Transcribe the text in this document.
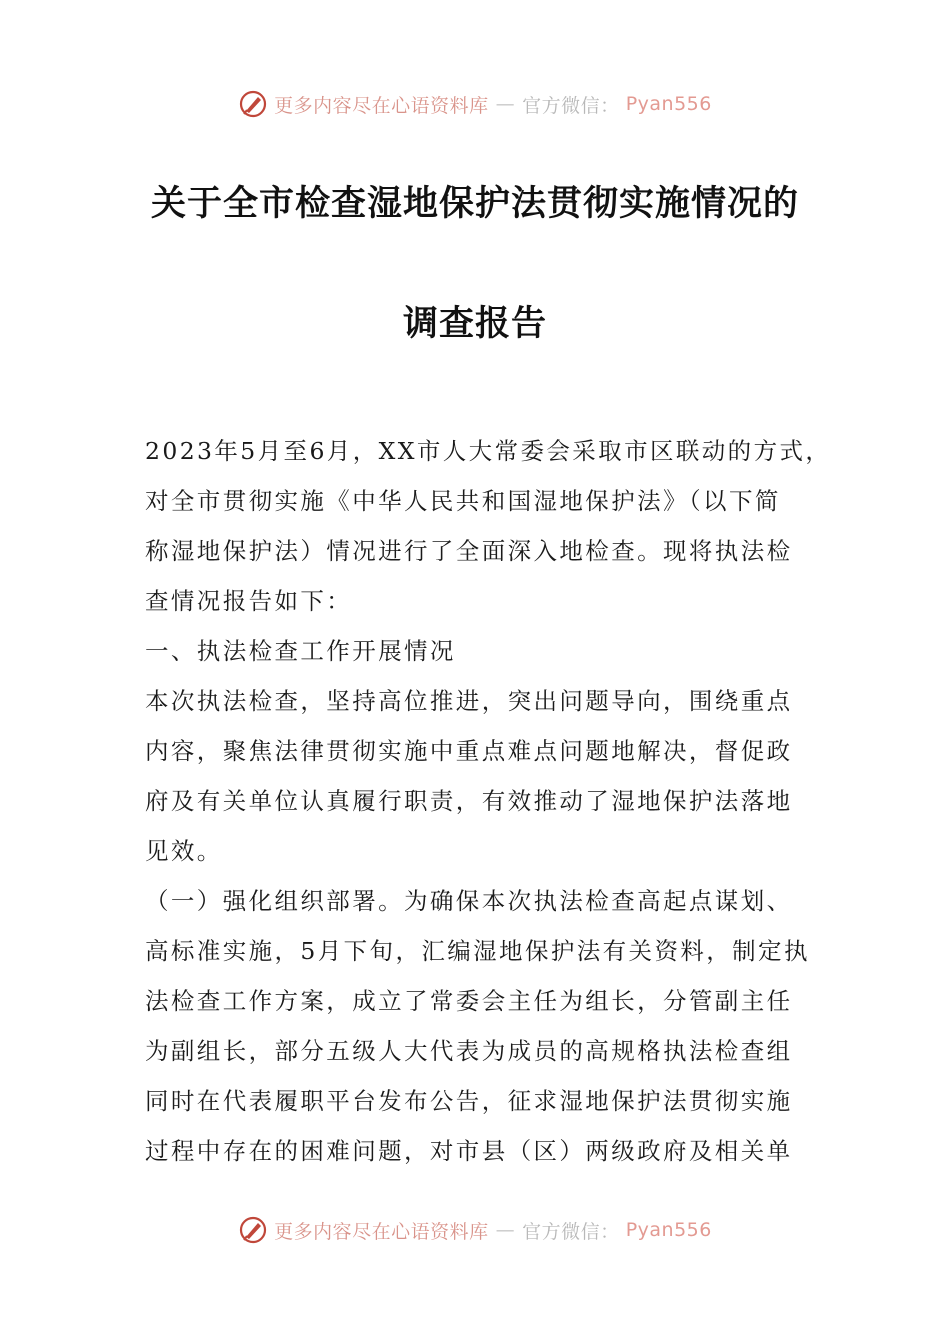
更多内容尽在心语资料库 — 官方微信： Pyan556
关于全市检查湿地保护法贯彻实施情况的
调查报告
2023年5月至6月，XX市人大常委会采取市区联动的方式，
对全市贯彻实施《中华人民共和国湿地保护法》（以下简
称湿地保护法）情况进行了全面深入地检查。现将执法检
查情况报告如下：
一、执法检查工作开展情况
本次执法检查，坚持高位推进，突出问题导向，围绕重点
内容，聚焦法律贯彻实施中重点难点问题地解决，督促政
府及有关单位认真履行职责，有效推动了湿地保护法落地
见效。
（一）强化组织部署。为确保本次执法检查高起点谋划、
高标准实施，5月下旬，汇编湿地保护法有关资料，制定执
法检查工作方案，成立了常委会主任为组长，分管副主任
为副组长，部分五级人大代表为成员的高规格执法检查组
同时在代表履职平台发布公告，征求湿地保护法贯彻实施
过程中存在的困难问题，对市县（区）两级政府及相关单
更多内容尽在心语资料库 — 官方微信： Pyan556
